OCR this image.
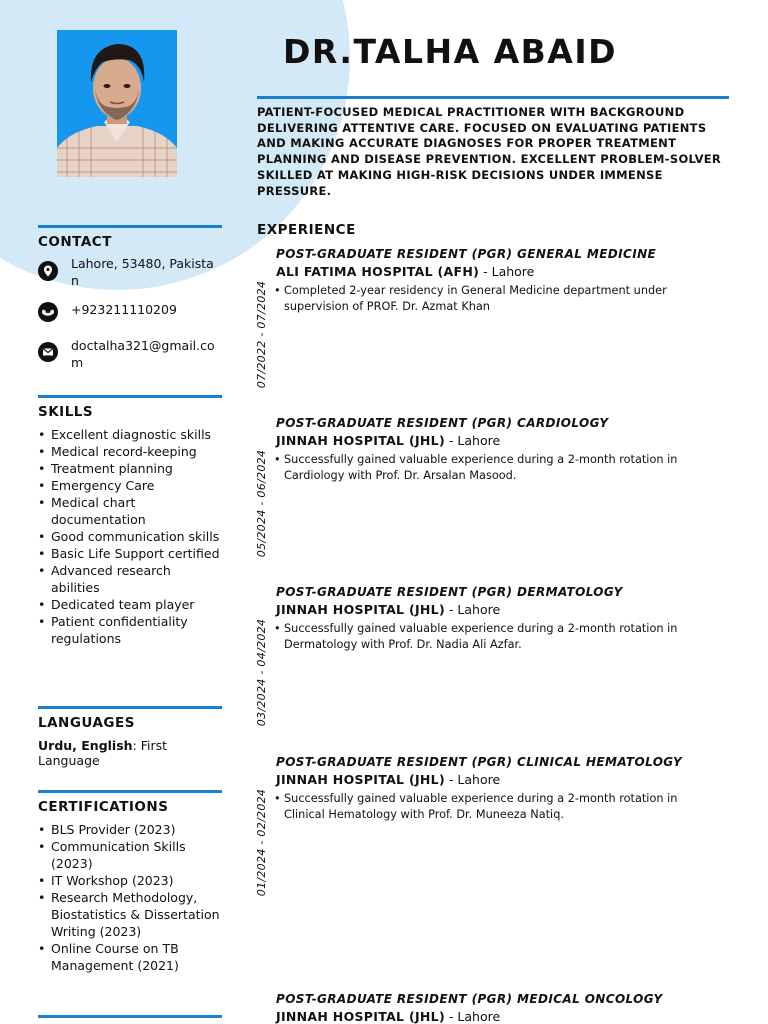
CONTACT
Lahore, 53480, Pakistan
+923211110209
doctalha321@gmail.com
SKILLS
• Excellent diagnostic skills
• Medical record-keeping
• Treatment planning
• Emergency Care
• Medical chart documentation
• Good communication skills
• Basic Life Support certified
• Advanced research abilities
• Dedicated team player
• Patient confidentiality regulations
LANGUAGES
Urdu, English: First Language
CERTIFICATIONS
• BLS Provider (2023)
• Communication Skills (2023)
• IT Workshop (2023)
• Research Methodology, Biostatistics & Dissertation Writing (2023)
• Online Course on TB Management (2021)
DR.TALHA ABAID
PATIENT-FOCUSED MEDICAL PRACTITIONER WITH BACKGROUND DELIVERING ATTENTIVE CARE. FOCUSED ON EVALUATING PATIENTS AND MAKING ACCURATE DIAGNOSES FOR PROPER TREATMENT PLANNING AND DISEASE PREVENTION. EXCELLENT PROBLEM-SOLVER SKILLED AT MAKING HIGH-RISK DECISIONS UNDER IMMENSE PRESSURE.
EXPERIENCE
POST-GRADUATE RESIDENT (PGR) GENERAL MEDICINE
ALI FATIMA HOSPITAL (AFH) - Lahore
07/2022 - 07/2024 • Completed 2-year residency in General Medicine department under supervision of PROF. Dr. Azmat Khan
POST-GRADUATE RESIDENT (PGR) CARDIOLOGY
JINNAH HOSPITAL (JHL) - Lahore
05/2024 - 06/2024 • Successfully gained valuable experience during a 2-month rotation in Cardiology with Prof. Dr. Arsalan Masood.
POST-GRADUATE RESIDENT (PGR) DERMATOLOGY
JINNAH HOSPITAL (JHL) - Lahore
03/2024 - 04/2024 • Successfully gained valuable experience during a 2-month rotation in Dermatology with Prof. Dr. Nadia Ali Azfar.
POST-GRADUATE RESIDENT (PGR) CLINICAL HEMATOLOGY
JINNAH HOSPITAL (JHL) - Lahore
01/2024 - 02/2024 • Successfully gained valuable experience during a 2-month rotation in Clinical Hematology with Prof. Dr. Muneeza Natiq.
POST-GRADUATE RESIDENT (PGR) MEDICAL ONCOLOGY
JINNAH HOSPITAL (JHL) - Lahore
